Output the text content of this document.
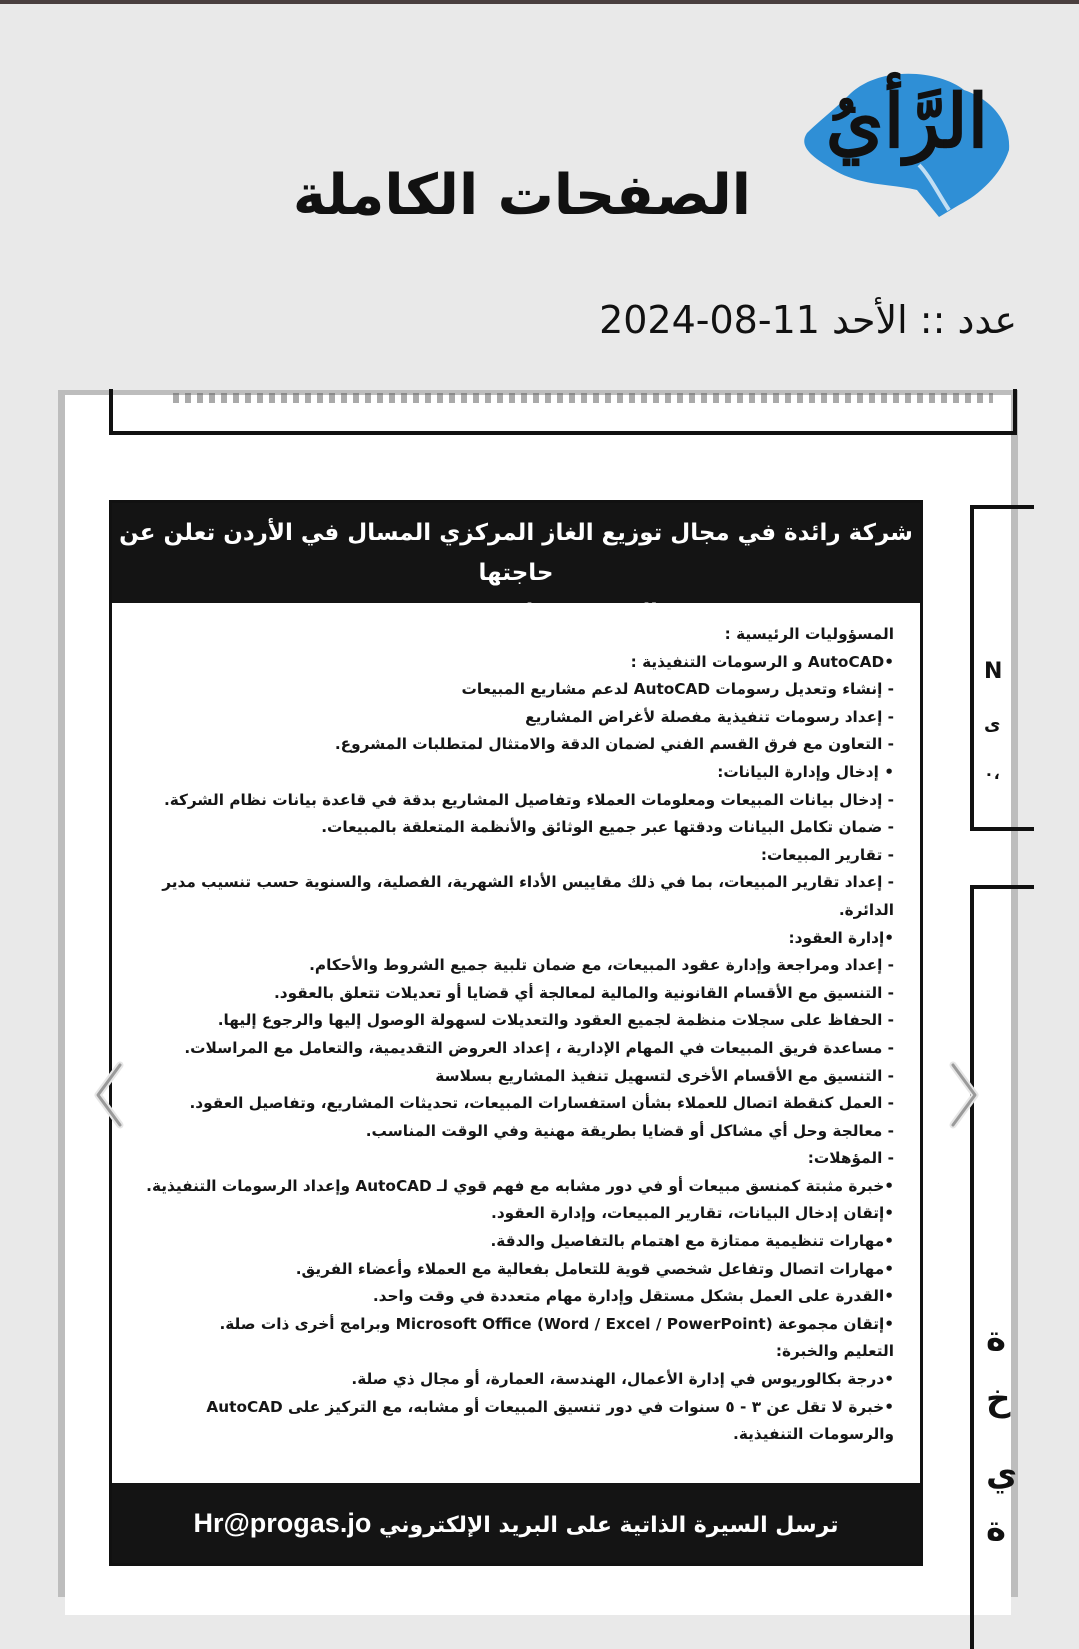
الرَّأيُ
الصفحات الكاملة
عدد :: الأحد 11-08-2024
N
ى
٠،
ة
خ
ي
ة
شركة رائدة في مجال توزيع الغاز المركزي المسال في الأردن تعلن عن حاجتها
لتعيين Sales Coordinator حسب الشروط التالية :
المسؤوليات الرئيسية :
•AutoCAD و الرسومات التنفيذية :
- إنشاء وتعديل رسومات AutoCAD لدعم مشاريع المبيعات
- إعداد رسومات تنفيذية مفصلة لأغراض المشاريع
- التعاون مع فرق القسم الفني لضمان الدقة والامتثال لمتطلبات المشروع.
• إدخال وإدارة البيانات:
- إدخال بيانات المبيعات ومعلومات العملاء وتفاصيل المشاريع بدقة في قاعدة بيانات نظام الشركة.
- ضمان تكامل البيانات ودقتها عبر جميع الوثائق والأنظمة المتعلقة بالمبيعات.
- تقارير المبيعات:
- إعداد تقارير المبيعات، بما في ذلك مقاييس الأداء الشهرية، الفصلية، والسنوية حسب تنسيب مدير
الدائرة.
•إدارة العقود:
- إعداد ومراجعة وإدارة عقود المبيعات، مع ضمان تلبية جميع الشروط والأحكام.
- التنسيق مع الأقسام القانونية والمالية لمعالجة أي قضايا أو تعديلات تتعلق بالعقود.
- الحفاظ على سجلات منظمة لجميع العقود والتعديلات لسهولة الوصول إليها والرجوع إليها.
- مساعدة فريق المبيعات في المهام الإدارية ، إعداد العروض التقديمية، والتعامل مع المراسلات.
- التنسيق مع الأقسام الأخرى لتسهيل تنفيذ المشاريع بسلاسة
- العمل كنقطة اتصال للعملاء بشأن استفسارات المبيعات، تحديثات المشاريع، وتفاصيل العقود.
- معالجة وحل أي مشاكل أو قضايا بطريقة مهنية وفي الوقت المناسب.
- المؤهلات:
•خبرة مثبتة كمنسق مبيعات أو في دور مشابه مع فهم قوي لـ AutoCAD وإعداد الرسومات التنفيذية.
•إتقان إدخال البيانات، تقارير المبيعات، وإدارة العقود.
•مهارات تنظيمية ممتازة مع اهتمام بالتفاصيل والدقة.
•مهارات اتصال وتفاعل شخصي قوية للتعامل بفعالية مع العملاء وأعضاء الفريق.
•القدرة على العمل بشكل مستقل وإدارة مهام متعددة في وقت واحد.
•إتقان مجموعة Microsoft Office (Word / Excel / PowerPoint) وبرامج أخرى ذات صلة.
التعليم والخبرة:
•درجة بكالوريوس في إدارة الأعمال، الهندسة، العمارة، أو مجال ذي صلة.
•خبرة لا تقل عن ٣ - ٥ سنوات في دور تنسيق المبيعات أو مشابه، مع التركيز على AutoCAD
والرسومات التنفيذية.
ترسل السيرة الذاتية على البريد الإلكتروني Hr@progas.jo
